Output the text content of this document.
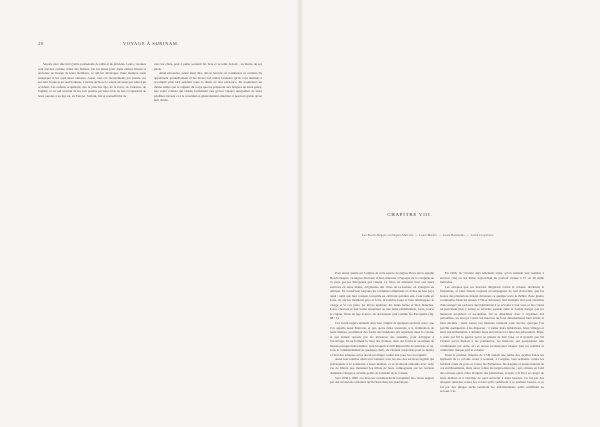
28	VOYAGE À SURINAM.

Sapoëe avec une incroyable promenade de taille et de grâcieus. Leurs colonnes sont élevées comme celles des Indiens. On les laisse jouir d'une entière liberté et ancienne de l'usage de leurs membres, ce qui les développe d'une manière aussi énergique et les rend aussi robustes. Aussi, tous ces mouvements par prends ces sur seul bonne et en seul bonheur, à moins qu'ils ne le soient devenus par suite d'un accident. Les enfants acquièrent, dès le plus bas âge, de la force, de l'adresse, de l'agilité, et on sait souvent de les voir pendus par leurs bras ou aux occupations de leurs parents à un âge où, en Europe, l'enfant, fait et nonnaffrimé de

tous les côtés, peut à peine soutenir les bras et se tenir debout , au moins de ses pieds.

Ainsi entourées, peine ainsi dire, dès le bercent où commença sa carrière, ils apprennent graduellement et les divers aux autres fardeaux qu'ils vont destinés à accomplir plus tard pendant toute la durée de leur existence. Ils acquièrent, en même temps que la vigueur du corps que les préparent aux fatigues de leurs genre, une santé robuste qui résiste facilement aux graves valeurs auxquelles de leurs pénibles travaux et à la constitution généralement amortise et peu incroyable qu'on leur donne.

CHAPITRE VIII.
Les Bosch-Negers ou Nègres-Marrons. — Leurs Mœurs. — Leurs Habitudes. — Leurs Croyances.

Pour entrer quelle est l'origine de cette espèce de nègres libres qu'on appelle Bosch-Negers, ou nègres-marrons, il faut remonter à l'époque de la conquête de ce pays par les Européens qui vinrent s'y fixer, en amenant avec eux leurs esclaves en leurs mains, originaires des côtes de la Guinée ou d'Angola en Afrique. Ils conservent toujours les coutumes religieuses et civiles de leur pays natal ; ainsi que leur couleur, lorsqu'ils ne cultivent qu'entre eux. Leur taille en forte, ils ont les membres gros et forts, la poitrine large et bien développée, le visage et le cou plats, les lèvres épaisses, les dents belles et bien blanches. Leurs cheveux et leur barbe ressentent ou une laine extrêmement, forte, courte et crépue. Dans un âge avancé, ils deviennent gris comme les Européens (fig. 68 : 1).

Ces bosch-negers tiennent donc leur origine de quelques esclaves noirs, que l'on appelle aussi Marrons, et qui, après s'être soustraits à la domination de leurs maîtres, prolifèrent des forêts des intérieurs qui regardent dans la colonie et qui étaient ouverts par les invasions des ennemis, pour échapper à l'esclavage. Ils se forment le long des rivières, dans des forêts et au milieu de marais presque inabordables, dont lesquels il était impossible de pénétrer, et où, sous le commandement de quelques chefs, ils s'étaient retranchés pour se mettre à l'abri des attaques qu'on aurait pu diriger contre eux pour les reconquérir.

Aussi leur nombre allait s'accroissant, tous les ans, des esclaves fugitifs qui prévenaient à se soustraire à leurs maîtres, et se montrant enhardis avec cette vie de liberté que menaient les tribus de leurs compagnons sur les terrains demeurés vierges à certains points de la limite de la colonie.

Vers 1650 à 1690, ces marrons commencèrent à inquiéter les colons anglais par des incursions violentes qu'ils firent dans les plantations.

En 1696, ils vivaient déjà tellement entre, qu'on estimait leur nombre à environ cinq ou six mille, aujourd'hui du pouvoir évalué à 15 ou 20 mille individus.

Les attaques que ces marrons dirigèrent contre la colonie, devinrent si fréquentes, et elles étaient toujours accompagnées de tant d'atrocités, que les hostes des plantations étaient devenues ce quelque sorte le théâtre d'une guerre continuelle. Dans les années 1730 et suivantes, leur exemple vint pour abolition d'encourager les esclaves des habitations à se révolter à leur tour, et les colons ne pouvaient plus y suivre se sécurité, pensait suite le double danger que les menaçait au-dehors et au-dedans. On se détermina donc à organiser des patrouilles, en envoya contre les marrons de forts détachements bien armés et bien décidés ; mais toutes ces mesures restèrent sans succès, quoique l'on parvînt quelquefois à les disperser ; à ramer leurs habitations, leurs villages et leurs retranchements, à détruire leurs provisions et à faire des prisonniers. Mais, à ceux qui fût la guerre qu'on se réussit de leur faire, et il grandir que fût l'ardeur qu'on mettait à les poursuivre, les marrons, qui paraissaient rien continuaient par suite, et ces autres promenoient chaque jour un nombre et ceinturient chaque jour la colonie.

Dans le premier chapitre de 1749 entrait une terme des qu'elles faites les habitants de la colonie avant à soutenir, à l'origine, tous ordinaire contre les habitats ornés du pays et contre les Eléméotes, les Anglais et autres nations de ces établissements, mais aussi contre les nègres-marrons ; qui, refusés au fond des savanes après s'être éloignés des plantations, revenir à la fin à se ranger de leurs maîtres et à chercher de quoi subvenir à leurs besoins. Ce fut par des attaques réitérées contre les colons qu'ils satisfirent à ce premier besoin, et ce fut par des pilages qu'ils ruinèrent les établissements qu'ils satisfirent au second. Ces
